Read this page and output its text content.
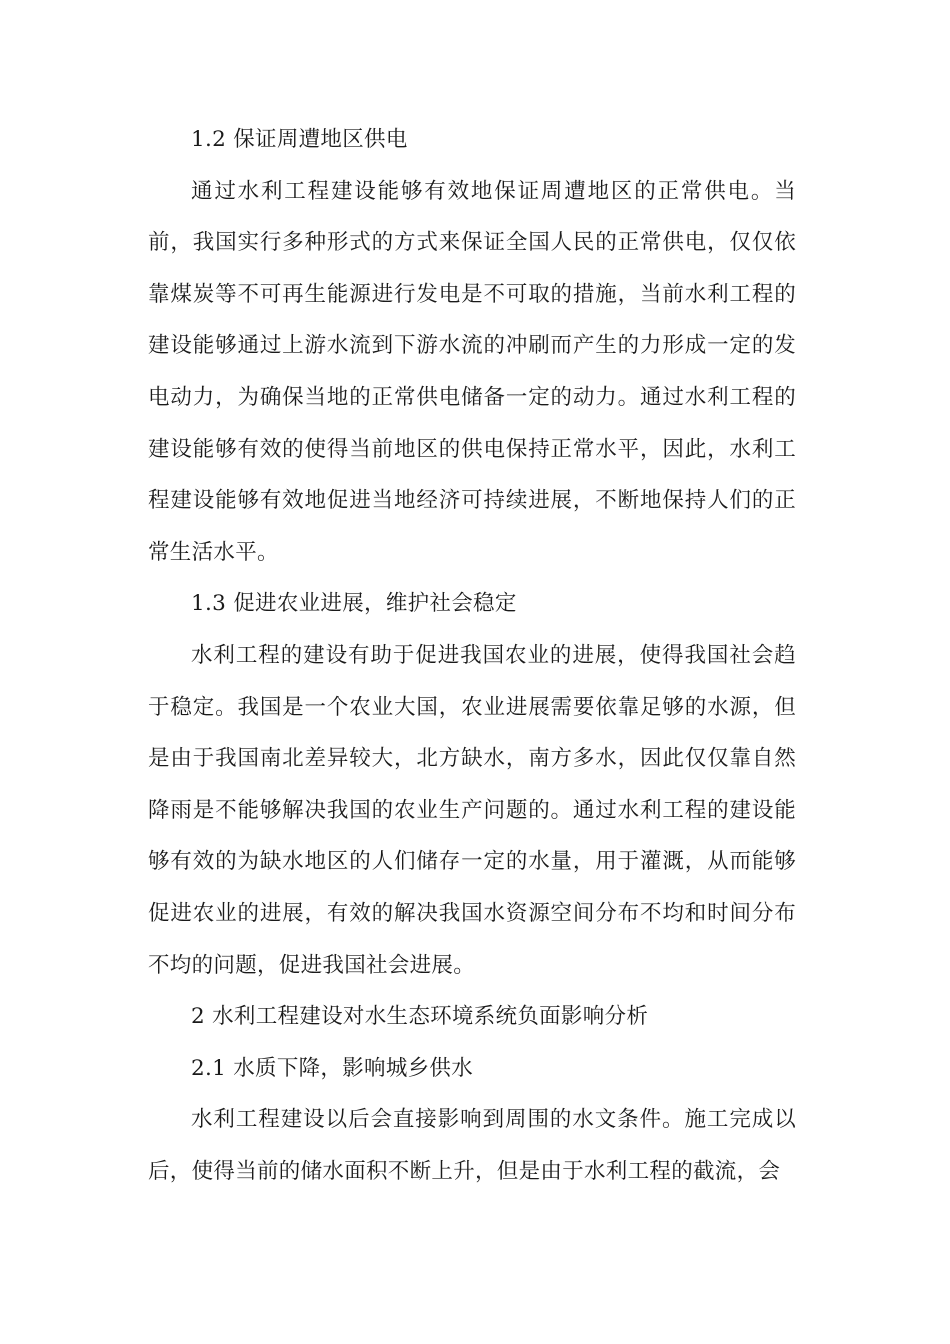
1.2 保证周遭地区供电

通过水利工程建设能够有效地保证周遭地区的正常供电。当前，我国实行多种形式的方式来保证全国人民的正常供电，仅仅依靠煤炭等不可再生能源进行发电是不可取的措施，当前水利工程的建设能够通过上游水流到下游水流的冲刷而产生的力形成一定的发电动力，为确保当地的正常供电储备一定的动力。通过水利工程的建设能够有效的使得当前地区的供电保持正常水平，因此，水利工程建设能够有效地促进当地经济可持续进展，不断地保持人们的正常生活水平。

1.3 促进农业进展，维护社会稳定

水利工程的建设有助于促进我国农业的进展，使得我国社会趋于稳定。我国是一个农业大国，农业进展需要依靠足够的水源，但是由于我国南北差异较大，北方缺水，南方多水，因此仅仅靠自然降雨是不能够解决我国的农业生产问题的。通过水利工程的建设能够有效的为缺水地区的人们储存一定的水量，用于灌溉，从而能够促进农业的进展，有效的解决我国水资源空间分布不均和时间分布不均的问题，促进我国社会进展。

2 水利工程建设对水生态环境系统负面影响分析

2.1 水质下降，影响城乡供水

水利工程建设以后会直接影响到周围的水文条件。施工完成以后，使得当前的储水面积不断上升，但是由于水利工程的截流，会
